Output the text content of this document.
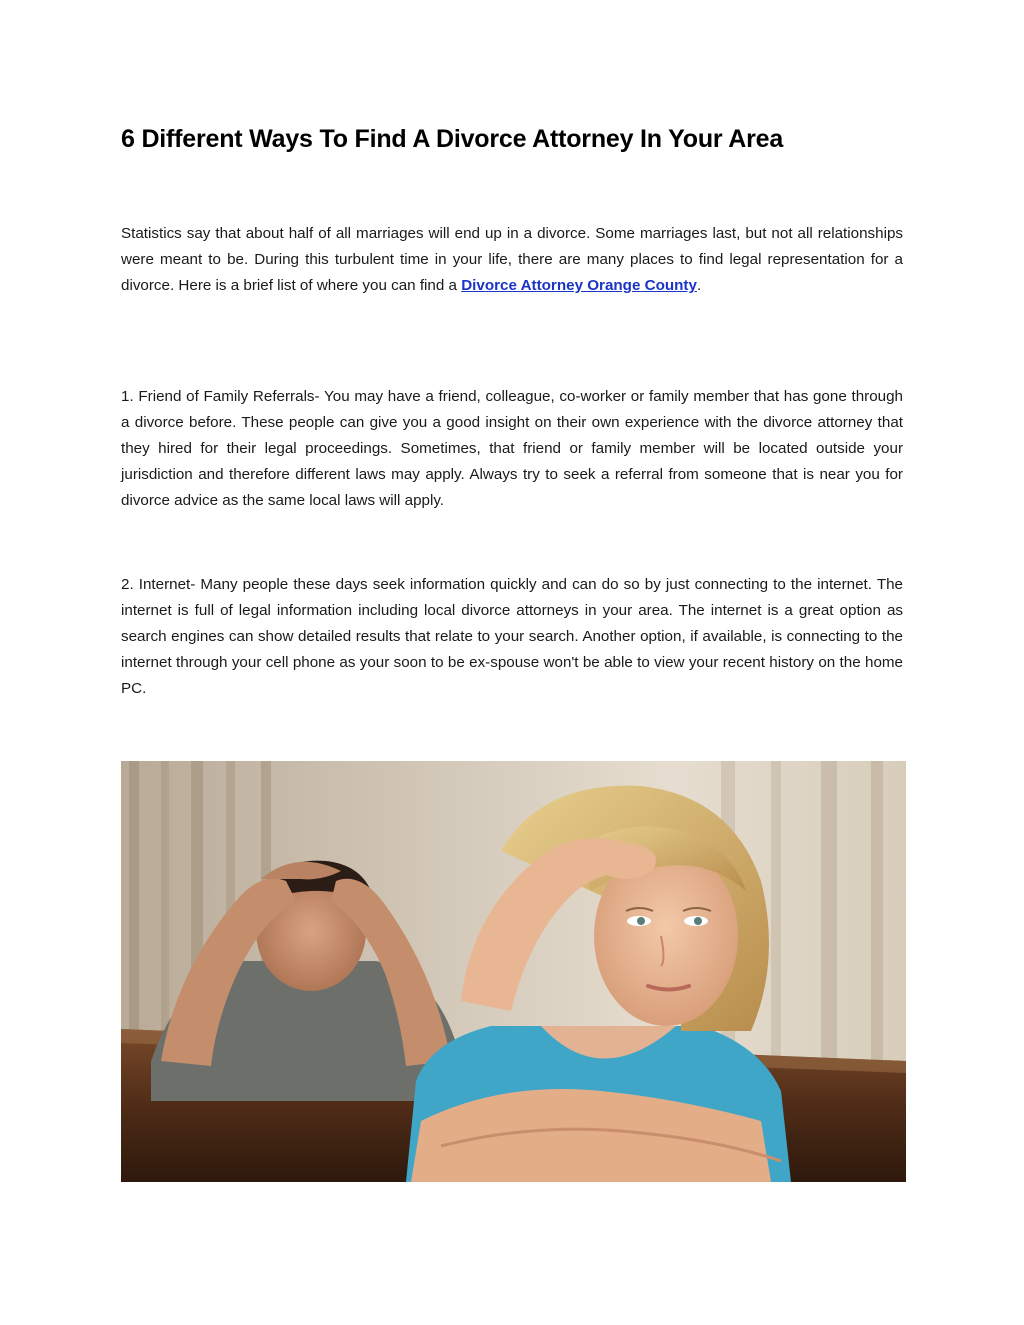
6 Different Ways To Find A Divorce Attorney In Your Area

Statistics say that about half of all marriages will end up in a divorce. Some marriages last, but not all relationships were meant to be. During this turbulent time in your life, there are many places to find legal representation for a divorce. Here is a brief list of where you can find a Divorce Attorney Orange County.

1. Friend of Family Referrals- You may have a friend, colleague, co-worker or family member that has gone through a divorce before. These people can give you a good insight on their own experience with the divorce attorney that they hired for their legal proceedings. Sometimes, that friend or family member will be located outside your jurisdiction and therefore different laws may apply. Always try to seek a referral from someone that is near you for divorce advice as the same local laws will apply.

2. Internet- Many people these days seek information quickly and can do so by just connecting to the internet. The internet is full of legal information including local divorce attorneys in your area. The internet is a great option as search engines can show detailed results that relate to your search. Another option, if available, is connecting to the internet through your cell phone as your soon to be ex-spouse won't be able to view your recent history on the home PC.
